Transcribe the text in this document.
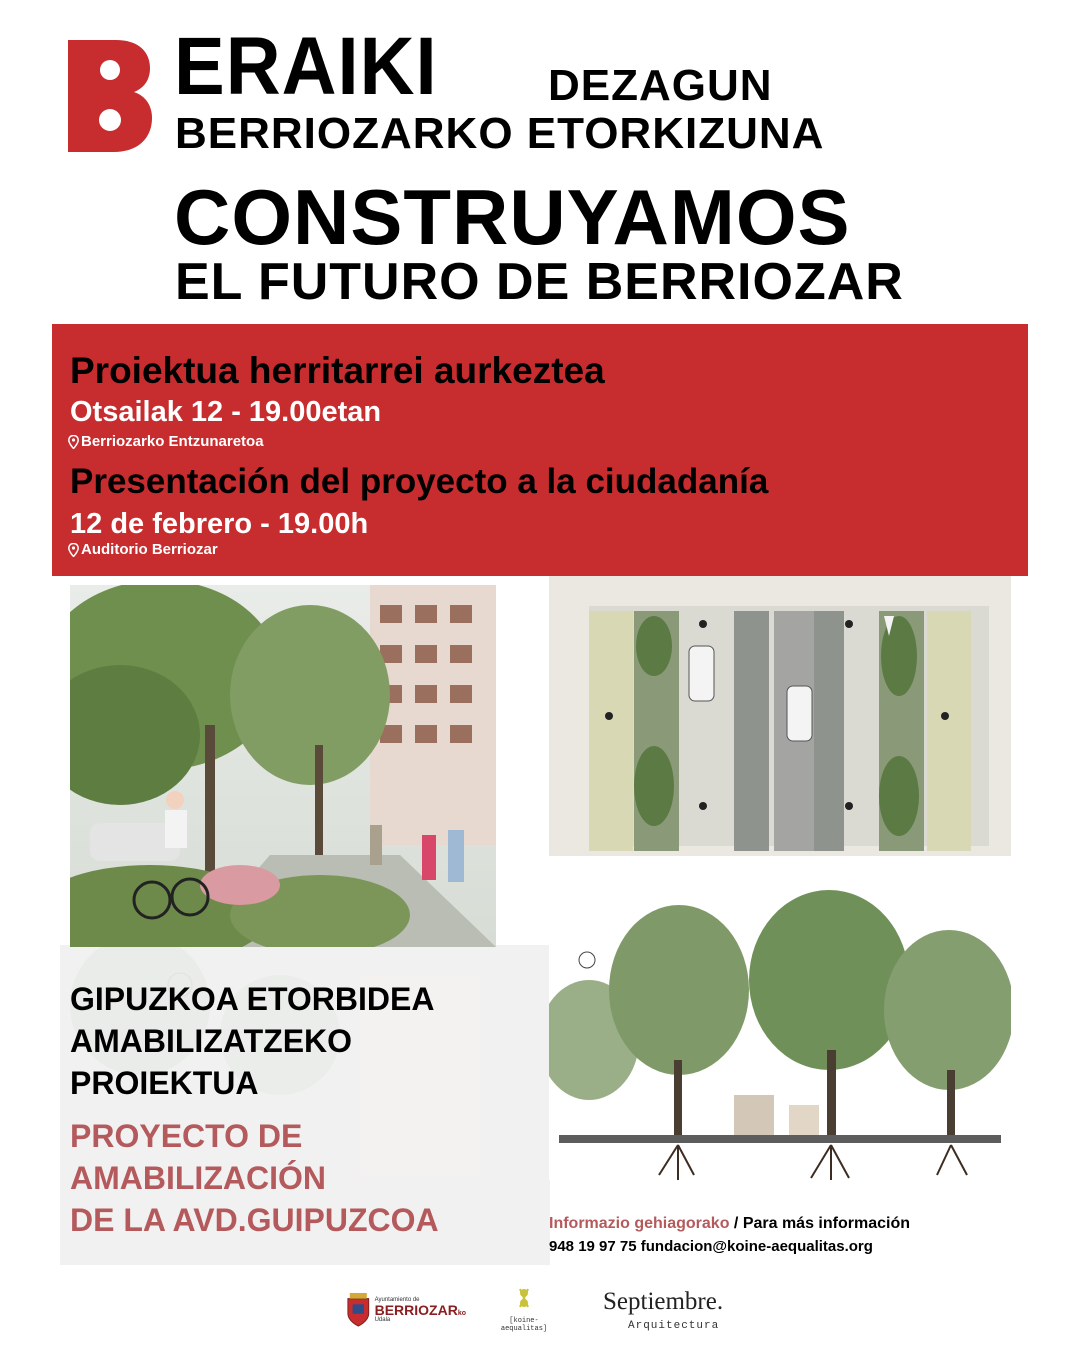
ERAIKI	DEZAGUN
BERRIOZARKO ETORKIZUNA
CONSTRUYAMOS
EL FUTURO DE BERRIOZAR
Proiektua herritarrei aurkeztea
Otsailak 12 - 19.00etan
Berriozarko Entzunaretoa
Presentación del proyecto a la ciudadanía
12 de febrero - 19.00h
Auditorio Berriozar
GIPUZKOA ETORBIDEA
AMABILIZATZEKO
PROIEKTUA
PROYECTO DE
AMABILIZACIÓN
DE LA AVD.GUIPUZCOA	Informazio gehiagorako / Para más información
948 19 97 75 fundacion@koine-aequalitas.org
Ayuntamiento de
BERRIOZARko
Udala	[koine-aequalitas]
Septiembre.
Arquitectura
